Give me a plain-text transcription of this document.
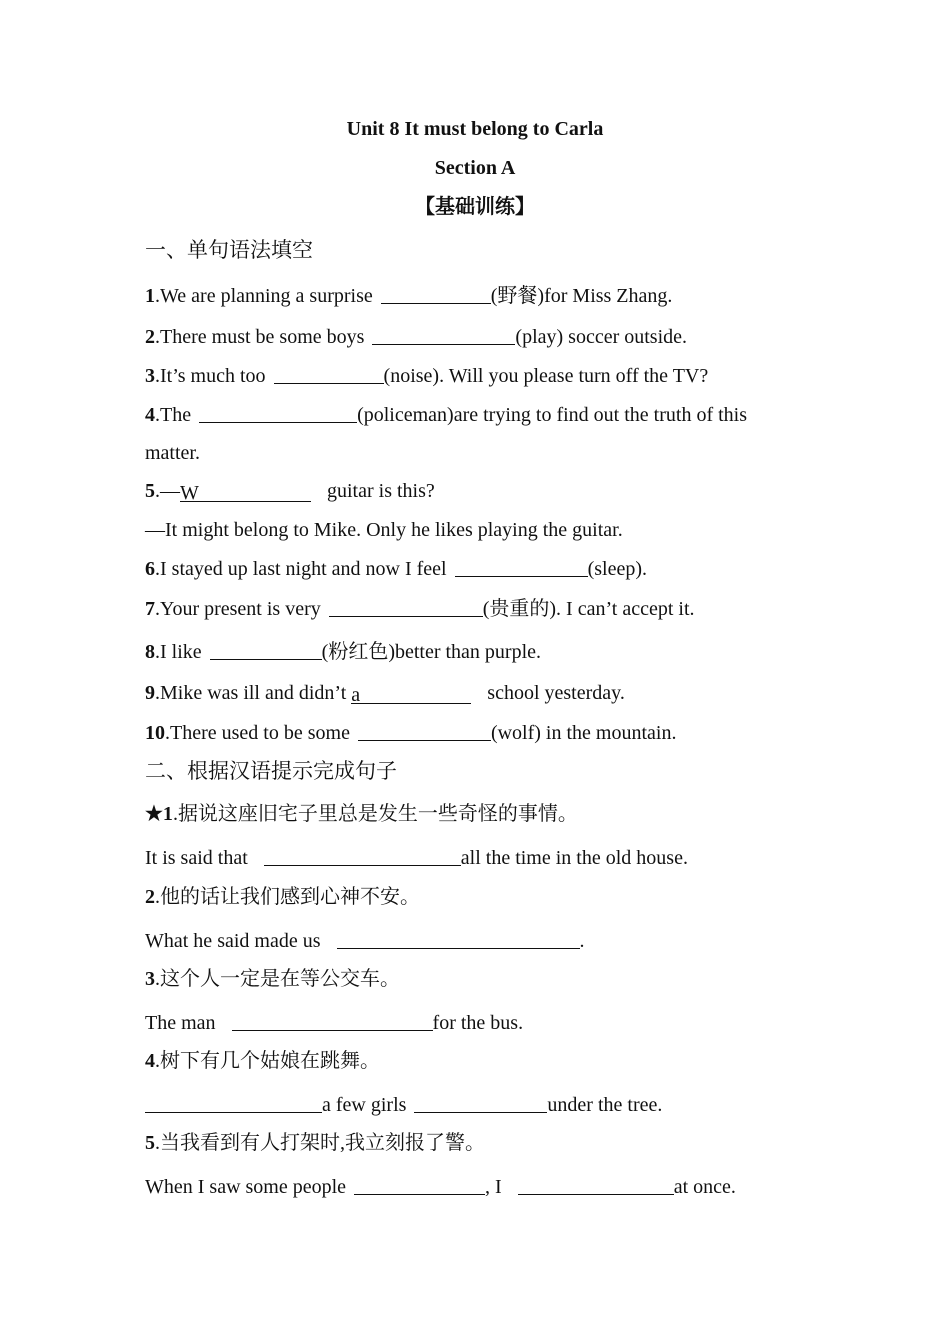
Unit 8 It must belong to Carla
Section A
【基础训练】
一、单句语法填空
1.We are planning a surprise	(野餐)for Miss Zhang.
2.There must be some boys	(play) soccer outside.
3.It’s much too	(noise). Will you please turn off the TV?
4.The	(policeman)are trying to find out the truth of this
matter.
5.—W	guitar is this?
—It might belong to Mike. Only he likes playing the guitar.
6.I stayed up last night and now I feel	(sleep).
7.Your present is very	(贵重的). I can’t accept it.
8.I like	(粉红色)better than purple.
9.Mike was ill and didn’t a	school yesterday.
10.There used to be some	(wolf) in the mountain.
二、根据汉语提示完成句子
★1.据说这座旧宅子里总是发生一些奇怪的事情。
It is said that	all the time in the old house.
2.他的话让我们感到心神不安。
What he said made us	.
3.这个人一定是在等公交车。
The man	for the bus.
4.树下有几个姑娘在跳舞。
a few girls	under the tree.
5.当我看到有人打架时,我立刻报了警。
When I saw some people	, I	at once.
